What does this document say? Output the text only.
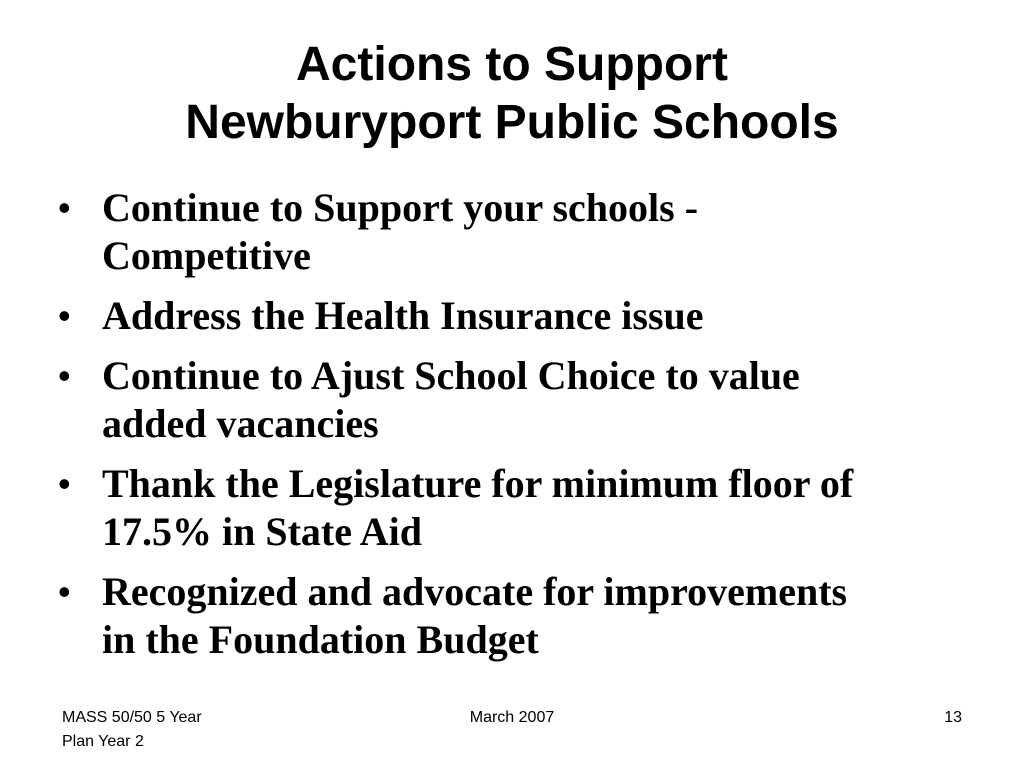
Actions to Support
Newburyport Public Schools
• Continue to Support your schools -
Competitive
• Address the Health Insurance issue
• Continue to Ajust School Choice to value
added vacancies
• Thank the Legislature for minimum floor of
17.5% in State Aid
• Recognized and advocate for improvements
in the Foundation Budget
MASS 50/50 5 Year
Plan Year 2
March 2007	13
